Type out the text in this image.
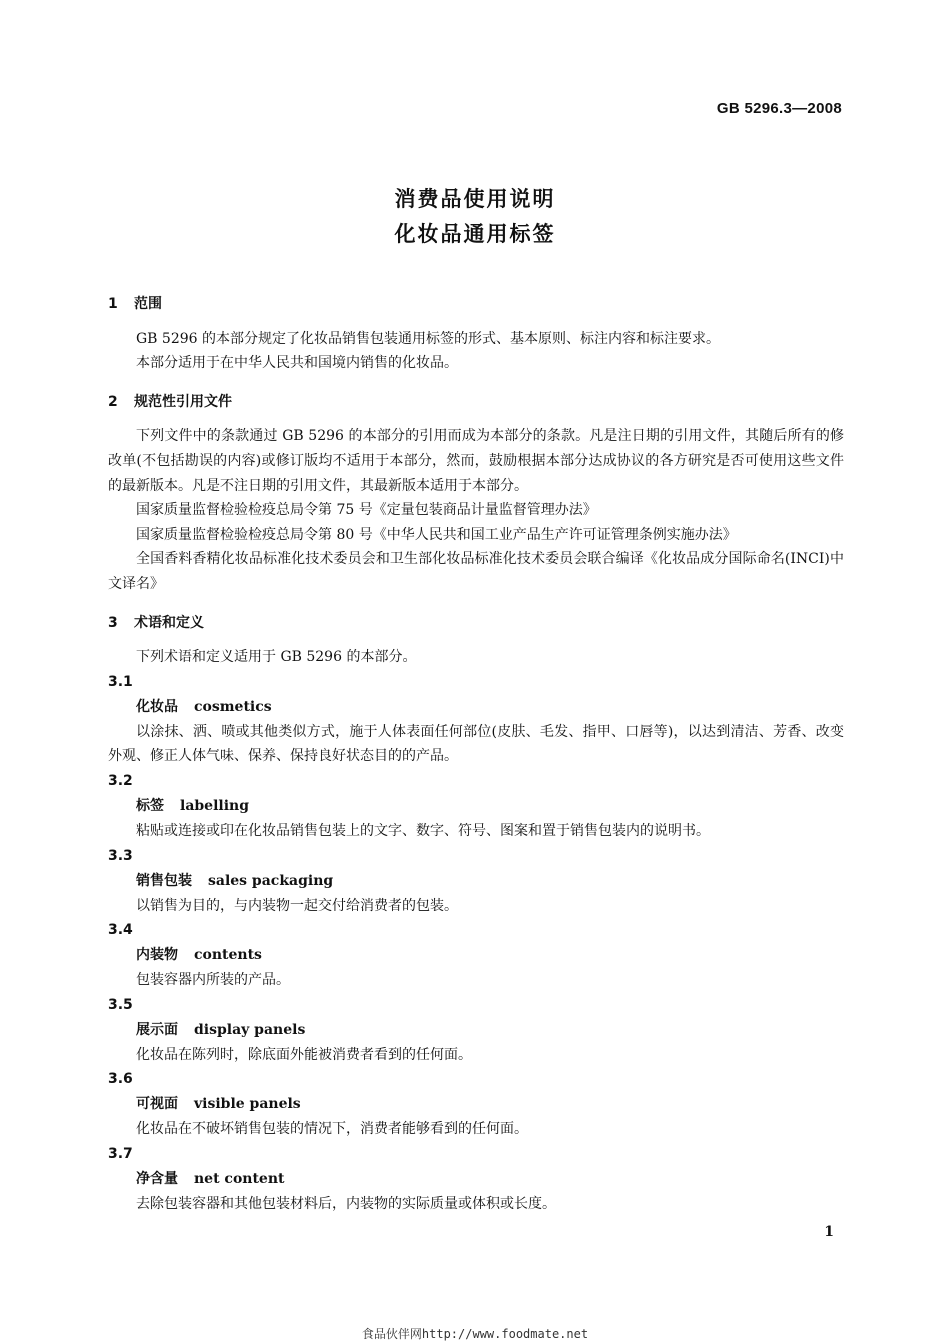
GB 5296.3—2008
消费品使用说明
化妆品通用标签
1 范围

GB 5296 的本部分规定了化妆品销售包装通用标签的形式、基本原则、标注内容和标注要求。

本部分适用于在中华人民共和国境内销售的化妆品。

2 规范性引用文件

下列文件中的条款通过 GB 5296 的本部分的引用而成为本部分的条款。凡是注日期的引用文件，其随后所有的修改单(不包括勘误的内容)或修订版均不适用于本部分，然而，鼓励根据本部分达成协议的各方研究是否可使用这些文件的最新版本。凡是不注日期的引用文件，其最新版本适用于本部分。

国家质量监督检验检疫总局令第 75 号《定量包装商品计量监督管理办法》

国家质量监督检验检疫总局令第 80 号《中华人民共和国工业产品生产许可证管理条例实施办法》

全国香料香精化妆品标准化技术委员会和卫生部化妆品标准化技术委员会联合编译《化妆品成分国际命名(INCI)中文译名》

3 术语和定义

下列术语和定义适用于 GB 5296 的本部分。

3.1

化妆品 cosmetics

以涂抹、洒、喷或其他类似方式，施于人体表面任何部位(皮肤、毛发、指甲、口唇等)，以达到清洁、芳香、改变外观、修正人体气味、保养、保持良好状态目的的产品。

3.2

标签 labelling

粘贴或连接或印在化妆品销售包装上的文字、数字、符号、图案和置于销售包装内的说明书。

3.3

销售包装 sales packaging

以销售为目的，与内装物一起交付给消费者的包装。

3.4

内装物 contents

包装容器内所装的产品。

3.5

展示面 display panels

化妆品在陈列时，除底面外能被消费者看到的任何面。

3.6

可视面 visible panels

化妆品在不破坏销售包装的情况下，消费者能够看到的任何面。

3.7

净含量 net content

去除包装容器和其他包装材料后，内装物的实际质量或体积或长度。

1
食品伙伴网http://www.foodmate.net
